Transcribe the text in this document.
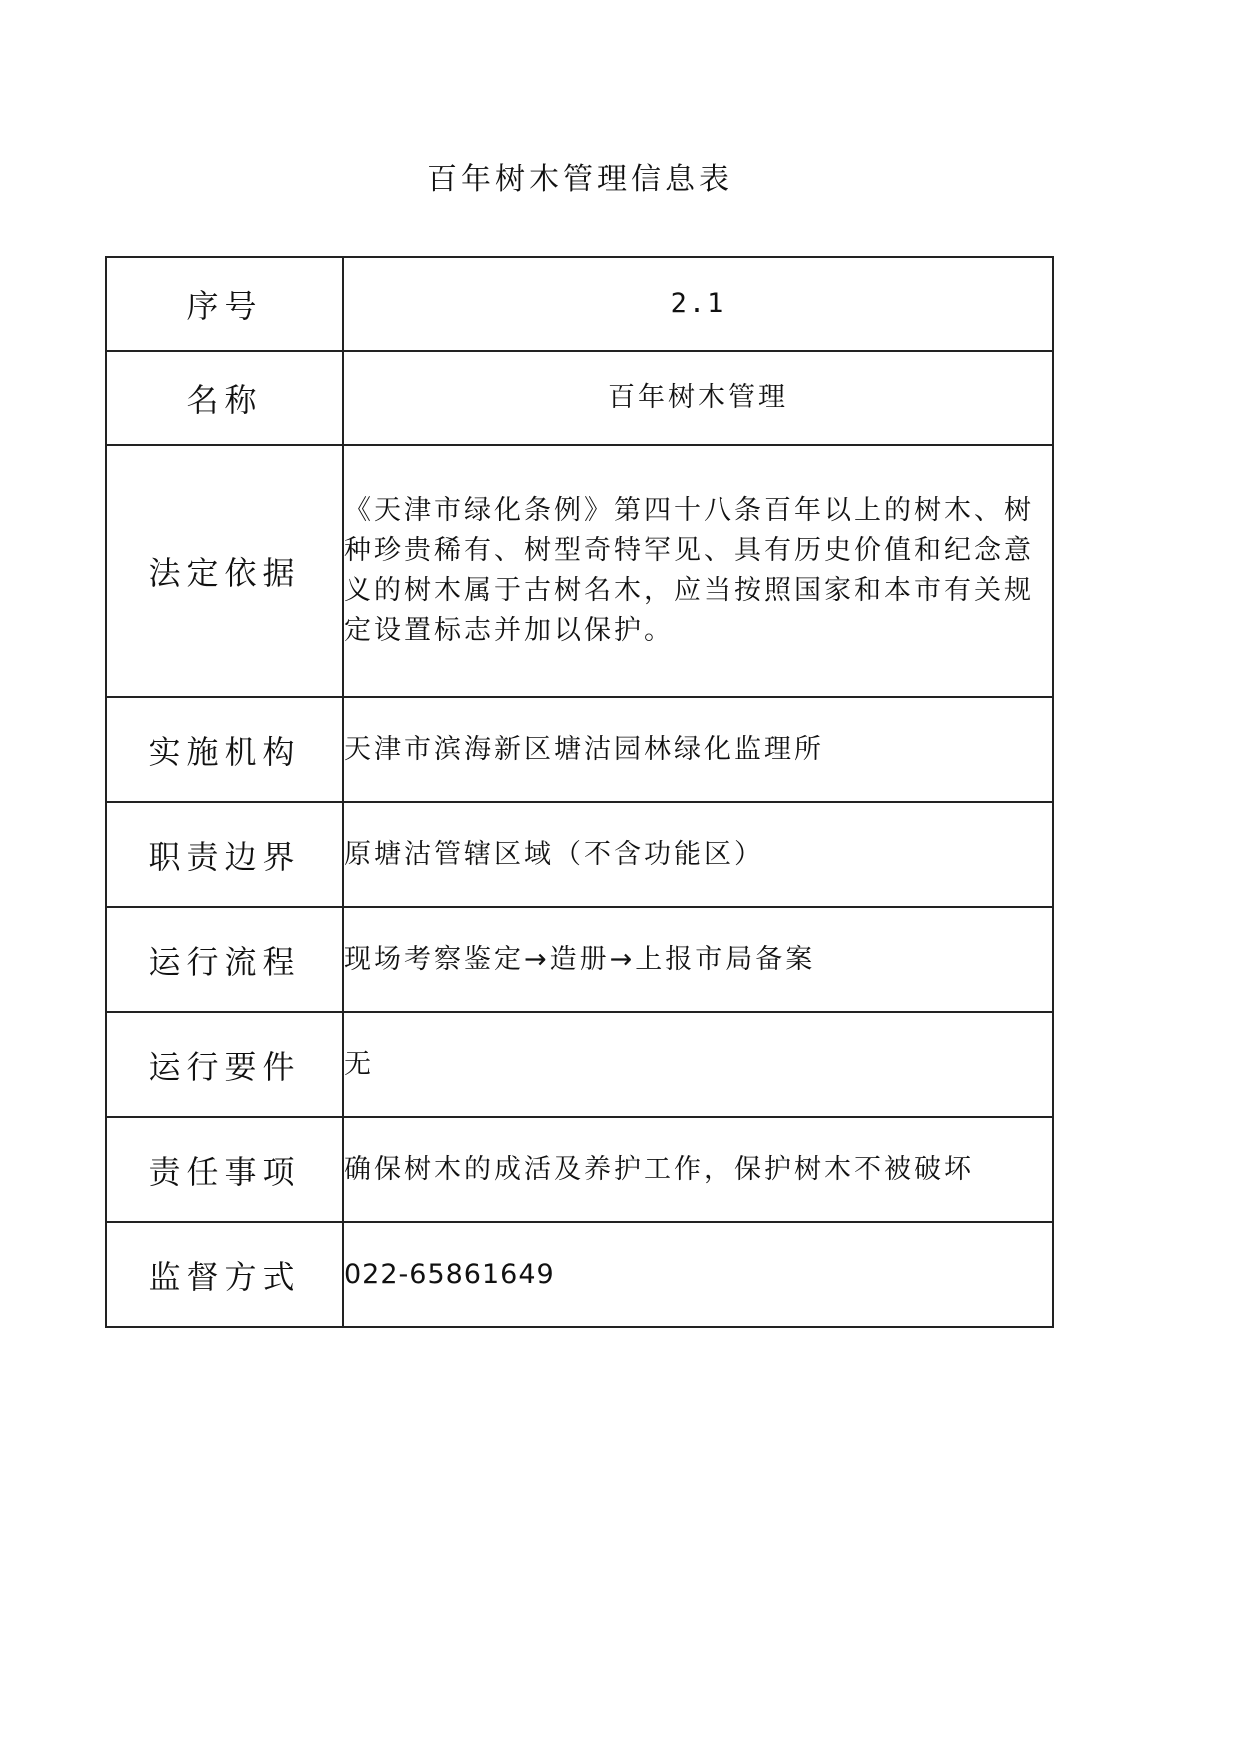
百年树木管理信息表
序号	2.1
名称	百年树木管理
法定依据	《天津市绿化条例》第四十八条百年以上的树木、树种珍贵稀有、树型奇特罕见、具有历史价值和纪念意义的树木属于古树名木，应当按照国家和本市有关规定设置标志并加以保护。
实施机构	天津市滨海新区塘沽园林绿化监理所
职责边界	原塘沽管辖区域（不含功能区）
运行流程	现场考察鉴定→造册→上报市局备案
运行要件	无
责任事项	确保树木的成活及养护工作，保护树木不被破坏
监督方式	022-65861649
